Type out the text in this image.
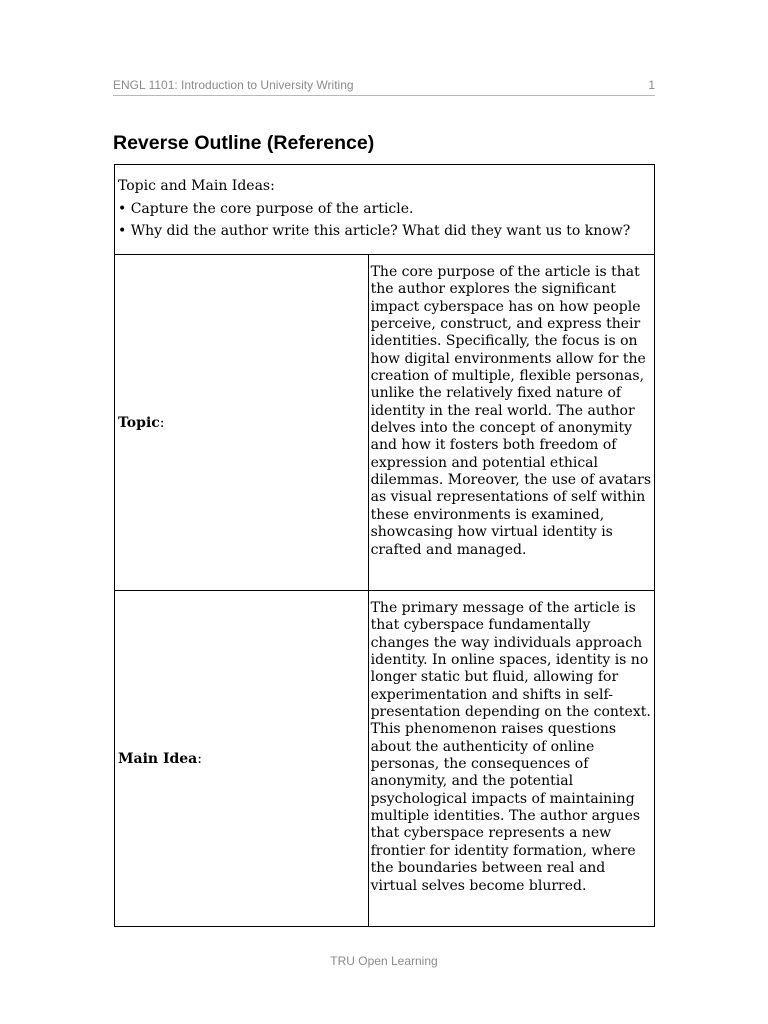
ENGL 1101: Introduction to University Writing	1
Reverse Outline (Reference)
Topic and Main Ideas:
• Capture the core purpose of the article.
• Why did the author write this article? What did they want us to know?	

Topic:	The core purpose of the article is that the author explores the significant impact cyberspace has on how people perceive, construct, and express their identities. Specifically, the focus is on how digital environments allow for the creation of multiple, flexible personas, unlike the relatively fixed nature of identity in the real world. The author delves into the concept of anonymity and how it fosters both freedom of expression and potential ethical dilemmas. Moreover, the use of avatars as visual representations of self within these environments is examined, showcasing how virtual identity is crafted and managed.
Main Idea:	The primary message of the article is that cyberspace fundamentally changes the way individuals approach identity. In online spaces, identity is no longer static but fluid, allowing for experimentation and shifts in self-presentation depending on the context. This phenomenon raises questions about the authenticity of online personas, the consequences of anonymity, and the potential psychological impacts of maintaining multiple identities. The author argues that cyberspace represents a new frontier for identity formation, where the boundaries between real and virtual selves become blurred.
TRU Open Learning
